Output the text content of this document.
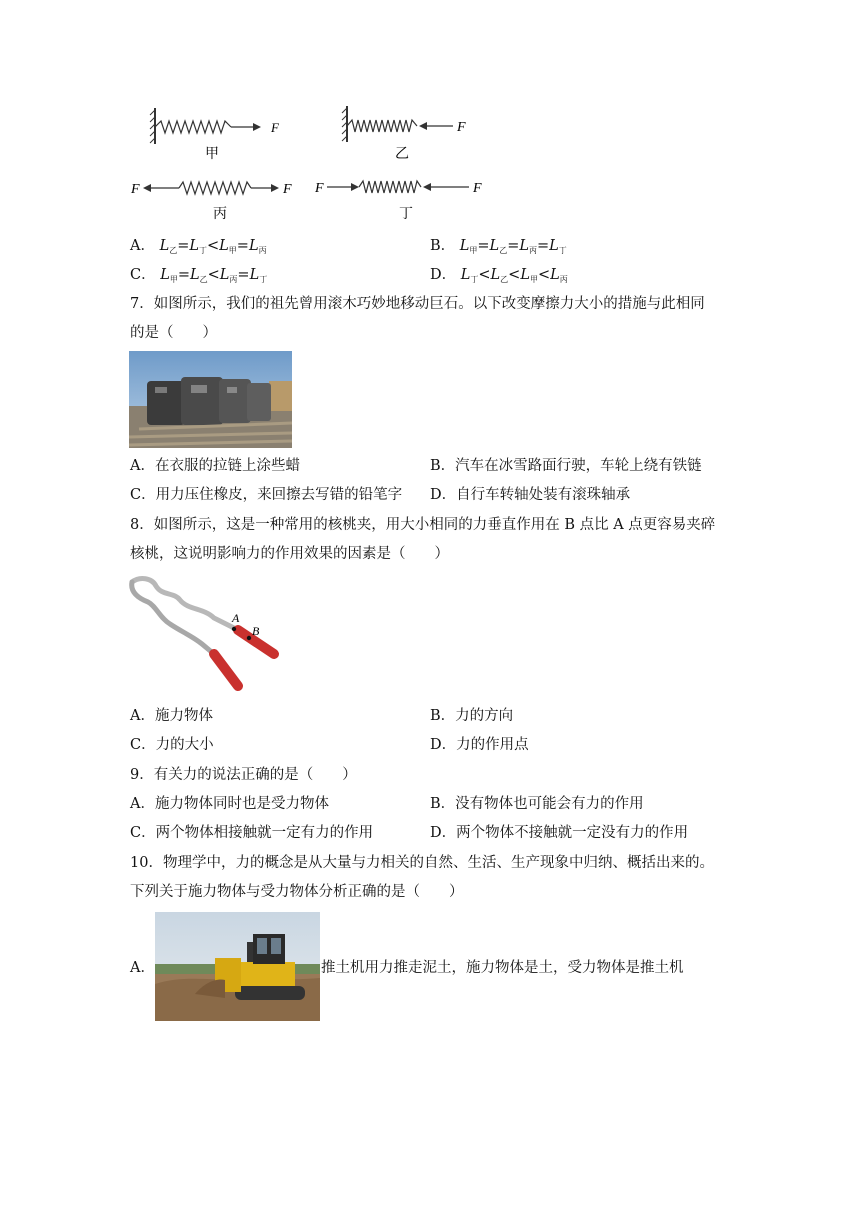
F
甲
F
乙
F	F
丙
F	F
丁
A． $L_乙=L_丁<L_甲=L_丙$	B． $L_甲=L_乙=L_丙=L_丁$
C． $L_甲=L_乙<L_丙=L_丁$	D． $L_丁<L_乙<L_甲<L_丙$
7．如图所示，我们的祖先曾用滚木巧妙地移动巨石。以下改变摩擦力大小的措施与此相同
的是（　　）
A．在衣服的拉链上涂些蜡	B．汽车在冰雪路面行驶，车轮上绕有铁链
C．用力压住橡皮，来回擦去写错的铅笔字 D．自行车转轴处装有滚珠轴承
8．如图所示，这是一种常用的核桃夹，用大小相同的力垂直作用在 B 点比 A 点更容易夹碎
核桃，这说明影响力的作用效果的因素是（　　）
A
B
A．施力物体	B．力的方向
C．力的大小	D．力的作用点
9．有关力的说法正确的是（　　）
A．施力物体同时也是受力物体	B．没有物体也可能会有力的作用
C．两个物体相接触就一定有力的作用	D．两个物体不接触就一定没有力的作用
10．物理学中，力的概念是从大量与力相关的自然、生活、生产现象中归纳、概括出来的。
下列关于施力物体与受力物体分析正确的是（　　）
A．	推土机用力推走泥土，施力物体是土，受力物体是推土机
